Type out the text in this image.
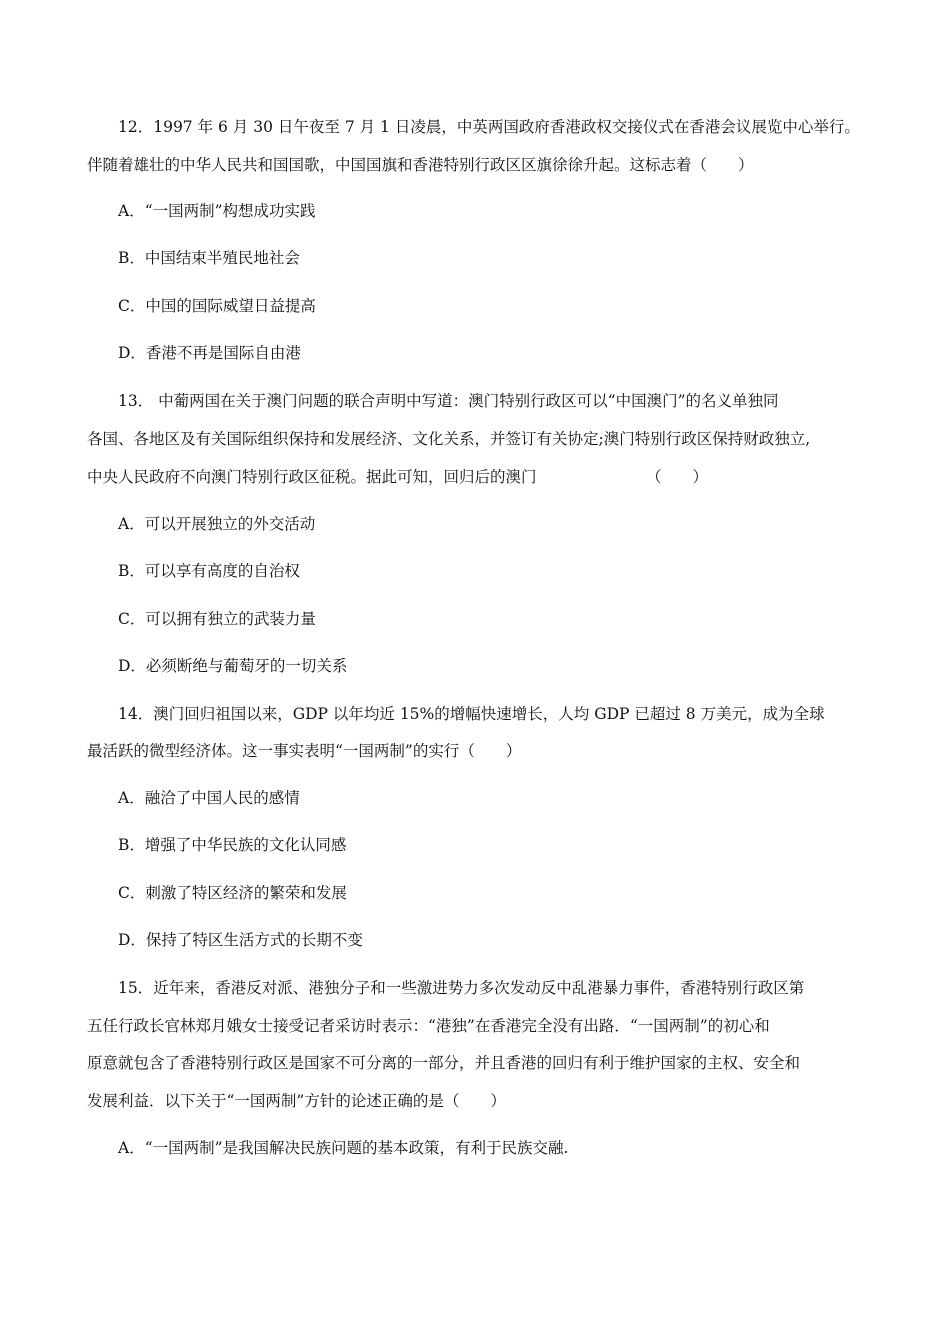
12．1997 年 6 月 30 日午夜至 7 月 1 日凌晨，中英两国政府香港政权交接仪式在香港会议展览中心举行。
伴随着雄壮的中华人民共和国国歌，中国国旗和香港特别行政区区旗徐徐升起。这标志着（　　）
A．“一国两制”构想成功实践
B．中国结束半殖民地社会
C．中国的国际威望日益提高
D．香港不再是国际自由港
13． 中葡两国在关于澳门问题的联合声明中写道：澳门特别行政区可以“中国澳门”的名义单独同
各国、各地区及有关国际组织保持和发展经济、文化关系，并签订有关协定;澳门特别行政区保持财政独立,
中央人民政府不向澳门特别行政区征税。据此可知，回归后的澳门	（　　）
A．可以开展独立的外交活动
B．可以享有高度的自治权
C．可以拥有独立的武装力量
D．必须断绝与葡萄牙的一切关系
14．澳门回归祖国以来，GDP 以年均近 15%的增幅快速增长，人均 GDP 已超过 8 万美元，成为全球
最活跃的微型经济体。这一事实表明“一国两制”的实行（　　）
A．融洽了中国人民的感情
B．增强了中华民族的文化认同感
C．刺激了特区经济的繁荣和发展
D．保持了特区生活方式的长期不变
15．近年来，香港反对派、港独分子和一些激进势力多次发动反中乱港暴力事件，香港特别行政区第
五任行政长官林郑月娥女士接受记者采访时表示：“港独”在香港完全没有出路．“一国两制”的初心和
原意就包含了香港特别行政区是国家不可分离的一部分，并且香港的回归有利于维护国家的主权、安全和
发展利益．以下关于“一国两制”方针的论述正确的是（　　）
A．“一国两制”是我国解决民族问题的基本政策，有利于民族交融.
